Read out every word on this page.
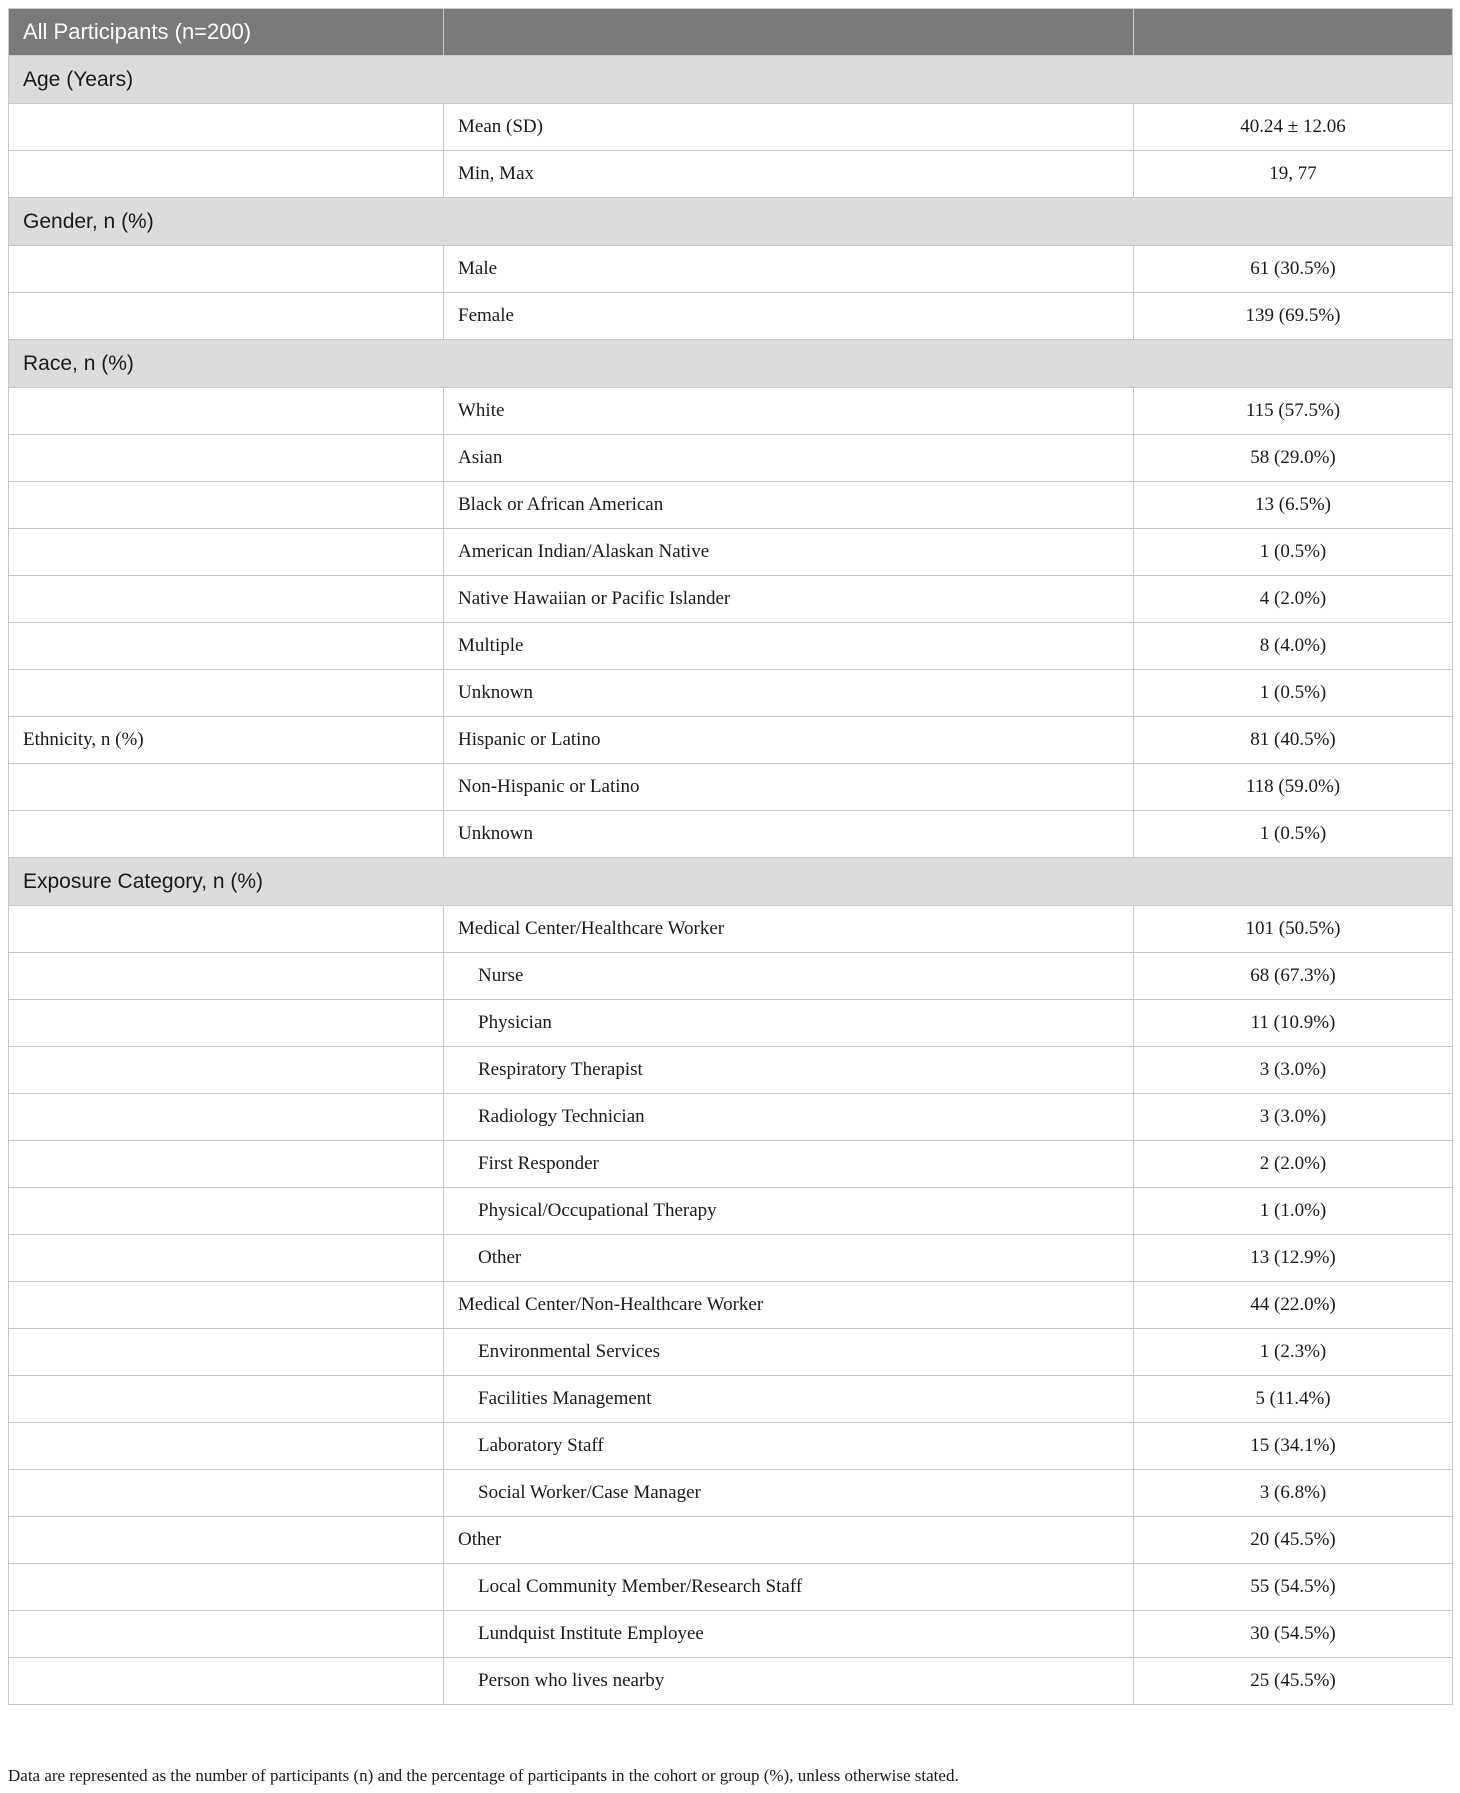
All Participants (n=200)		
Age (Years)		
	Mean (SD)	40.24 ± 12.06
	Min, Max	19, 77
Gender, n (%)		
	Male	61 (30.5%)
	Female	139 (69.5%)
Race, n (%)		
	White	115 (57.5%)
	Asian	58 (29.0%)
	Black or African American	13 (6.5%)
	American Indian/Alaskan Native	1 (0.5%)
	Native Hawaiian or Pacific Islander	4 (2.0%)
	Multiple	8 (4.0%)
	Unknown	1 (0.5%)
Ethnicity, n (%)	Hispanic or Latino	81 (40.5%)
	Non-Hispanic or Latino	118 (59.0%)
	Unknown	1 (0.5%)
Exposure Category, n (%)		
	Medical Center/Healthcare Worker	101 (50.5%)
	Nurse	68 (67.3%)
	Physician	11 (10.9%)
	Respiratory Therapist	3 (3.0%)
	Radiology Technician	3 (3.0%)
	First Responder	2 (2.0%)
	Physical/Occupational Therapy	1 (1.0%)
	Other	13 (12.9%)
	Medical Center/Non-Healthcare Worker	44 (22.0%)
	Environmental Services	1 (2.3%)
	Facilities Management	5 (11.4%)
	Laboratory Staff	15 (34.1%)
	Social Worker/Case Manager	3 (6.8%)
	Other	20 (45.5%)
	Local Community Member/Research Staff	55 (54.5%)
	Lundquist Institute Employee	30 (54.5%)
	Person who lives nearby	25 (45.5%)
Data are represented as the number of participants (n) and the percentage of participants in the cohort or group (%), unless otherwise stated.
